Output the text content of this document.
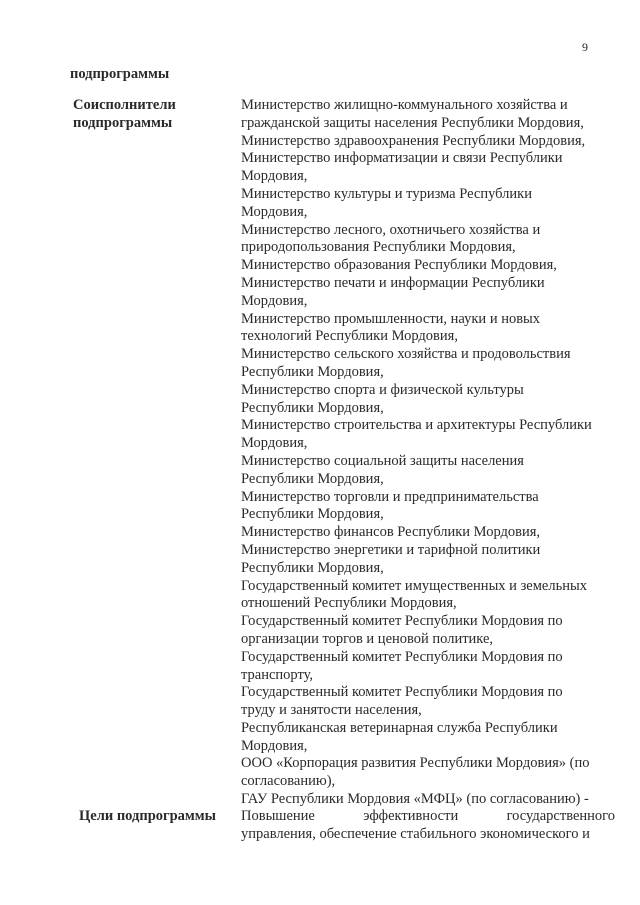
9
подпрограммы
Соисполнители
подпрограммы
Министерство жилищно-коммунального хозяйства и
гражданской защиты населения Республики Мордовия,
Министерство здравоохранения Республики Мордовия,
Министерство информатизации и связи Республики
Мордовия,
Министерство культуры и туризма Республики
Мордовия,
Министерство лесного, охотничьего хозяйства и
природопользования Республики Мордовия,
Министерство образования Республики Мордовия,
Министерство печати и информации Республики
Мордовия,
Министерство промышленности, науки и новых
технологий Республики Мордовия,
Министерство сельского хозяйства и продовольствия
Республики Мордовия,
Министерство спорта и физической культуры
Республики Мордовия,
Министерство строительства и архитектуры Республики
Мордовия,
Министерство социальной защиты населения
Республики Мордовия,
Министерство торговли и предпринимательства
Республики Мордовия,
Министерство финансов Республики Мордовия,
Министерство энергетики и тарифной политики
Республики Мордовия,
Государственный комитет имущественных и земельных
отношений Республики Мордовия,
Государственный комитет Республики Мордовия по
организации торгов и ценовой политике,
Государственный комитет Республики Мордовия по
транспорту,
Государственный комитет Республики Мордовия по
труду и занятости населения,
Республиканская ветеринарная служба Республики
Мордовия,
ООО «Корпорация развития Республики Мордовия» (по
согласованию),
ГАУ Республики Мордовия «МФЦ» (по согласованию) -
Цели подпрограммы Повышение эффективности государственного
управления, обеспечение стабильного экономического и
